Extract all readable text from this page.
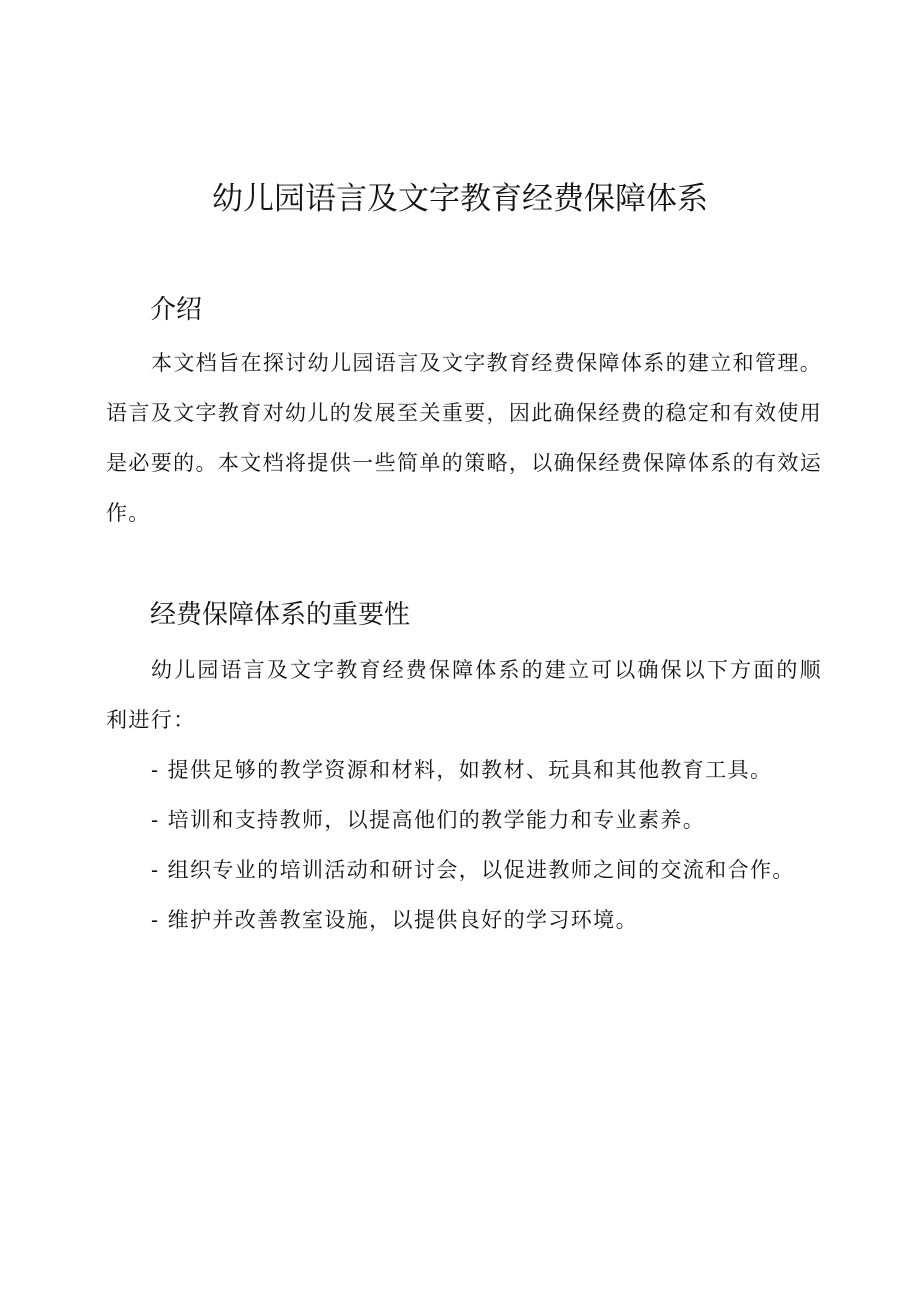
幼儿园语言及文字教育经费保障体系
介绍

本文档旨在探讨幼儿园语言及文字教育经费保障体系的建立和管理。语言及文字教育对幼儿的发展至关重要，因此确保经费的稳定和有效使用是必要的。本文档将提供一些简单的策略，以确保经费保障体系的有效运作。

经费保障体系的重要性

幼儿园语言及文字教育经费保障体系的建立可以确保以下方面的顺利进行：

- 提供足够的教学资源和材料，如教材、玩具和其他教育工具。
- 培训和支持教师，以提高他们的教学能力和专业素养。
- 组织专业的培训活动和研讨会，以促进教师之间的交流和合作。
- 维护并改善教室设施，以提供良好的学习环境。
